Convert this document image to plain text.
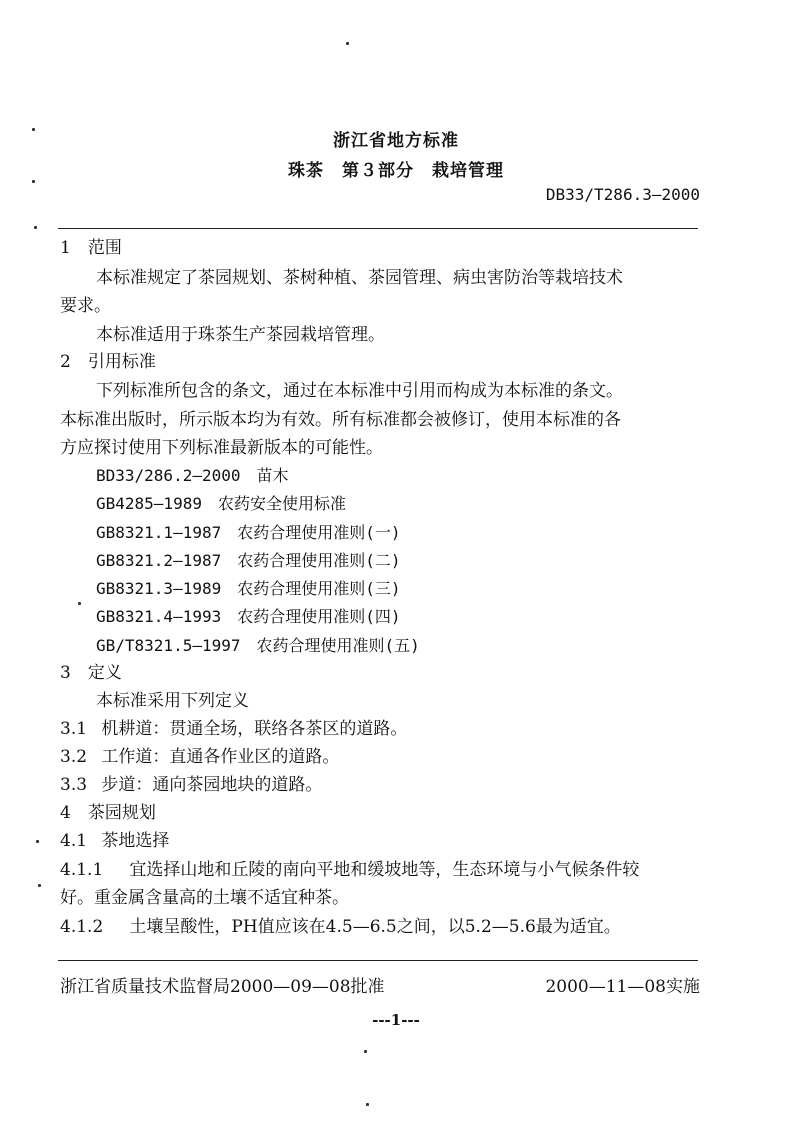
浙江省地方标准
珠茶　第３部分　栽培管理
DB33/T286.3—2000
1　范围
本标准规定了茶园规划、茶树种植、茶园管理、病虫害防治等栽培技术
要求。
本标准适用于珠茶生产茶园栽培管理。
2　引用标准
下列标准所包含的条文，通过在本标准中引用而构成为本标准的条文。
本标准出版时，所示版本均为有效。所有标准都会被修订，使用本标准的各
方应探讨使用下列标准最新版本的可能性。
BD33/286.2—2000　苗木
GB4285—1989　农药安全使用标准
GB8321.1—1987　农药合理使用准则(一)
GB8321.2—1987　农药合理使用准则(二)
GB8321.3—1989　农药合理使用准则(三)
GB8321.4—1993　农药合理使用准则(四)
GB/T8321.5—1997　农药合理使用准则(五)
3　定义
本标准采用下列定义
3.1 机耕道：贯通全场，联络各茶区的道路。
3.2 工作道：直通各作业区的道路。
3.3 步道：通向茶园地块的道路。
4　茶园规划
4.1 茶地选择
4.1.1 宜选择山地和丘陵的南向平地和缓坡地等，生态环境与小气候条件较
好。重金属含量高的土壤不适宜种茶。
4.1.2 土壤呈酸性，PH值应该在4.5—6.5之间，以5.2—5.6最为适宜。
浙江省质量技术监督局2000—09—08批准	2000—11—08实施
---1---
